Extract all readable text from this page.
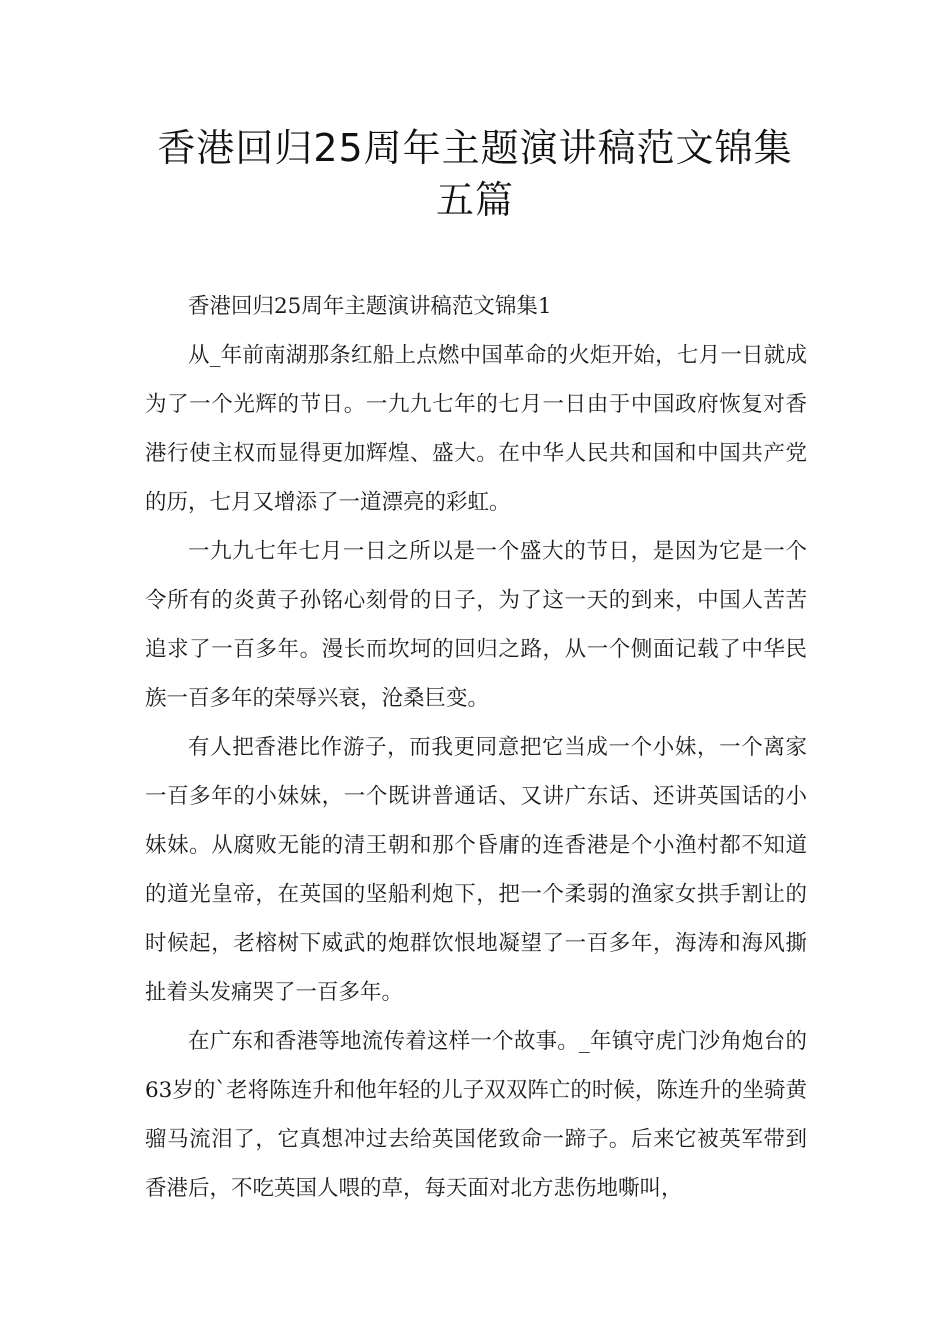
香港回归25周年主题演讲稿范文锦集
五篇

香港回归25周年主题演讲稿范文锦集1

从_年前南湖那条红船上点燃中国革命的火炬开始，七月一日就成为了一个光辉的节日。一九九七年的七月一日由于中国政府恢复对香港行使主权而显得更加辉煌、盛大。在中华人民共和国和中国共产党的历，七月又增添了一道漂亮的彩虹。

一九九七年七月一日之所以是一个盛大的节日，是因为它是一个令所有的炎黄子孙铭心刻骨的日子，为了这一天的到来，中国人苦苦追求了一百多年。漫长而坎坷的回归之路，从一个侧面记载了中华民族一百多年的荣辱兴衰，沧桑巨变。

有人把香港比作游子，而我更同意把它当成一个小妹，一个离家一百多年的小妹妹，一个既讲普通话、又讲广东话、还讲英国话的小妹妹。从腐败无能的清王朝和那个昏庸的连香港是个小渔村都不知道的道光皇帝，在英国的坚船利炮下，把一个柔弱的渔家女拱手割让的时候起，老榕树下威武的炮群饮恨地凝望了一百多年，海涛和海风撕扯着头发痛哭了一百多年。

在广东和香港等地流传着这样一个故事。_年镇守虎门沙角炮台的63岁的`老将陈连升和他年轻的儿子双双阵亡的时候，陈连升的坐骑黄骝马流泪了，它真想冲过去给英国佬致命一蹄子。后来它被英军带到香港后，不吃英国人喂的草，每天面对北方悲伤地嘶叫，
